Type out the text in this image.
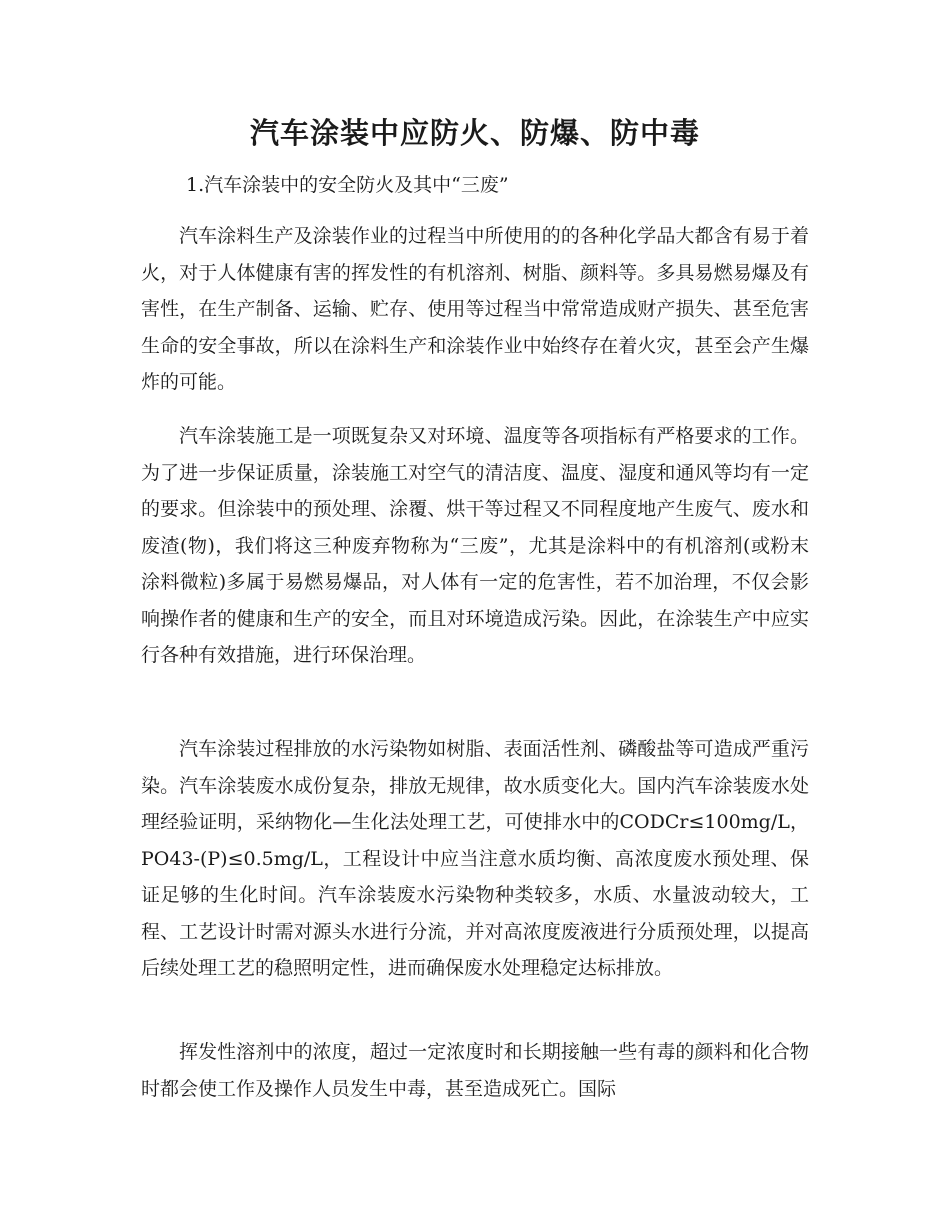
汽车涂装中应防火、防爆、防中毒

1.汽车涂装中的安全防火及其中“三废”

汽车涂料生产及涂装作业的过程当中所使用的的各种化学品大都含有易于着火，对于人体健康有害的挥发性的有机溶剂、树脂、颜料等。多具易燃易爆及有害性，在生产制备、运输、贮存、使用等过程当中常常造成财产损失、甚至危害生命的安全事故，所以在涂料生产和涂装作业中始终存在着火灾，甚至会产生爆炸的可能。

汽车涂装施工是一项既复杂又对环境、温度等各项指标有严格要求的工作。为了进一步保证质量，涂装施工对空气的清洁度、温度、湿度和通风等均有一定的要求。但涂装中的预处理、涂覆、烘干等过程又不同程度地产生废气、废水和废渣(物)，我们将这三种废弃物称为“三废”，尤其是涂料中的有机溶剂(或粉末涂料微粒)多属于易燃易爆品，对人体有一定的危害性，若不加治理，不仅会影响操作者的健康和生产的安全，而且对环境造成污染。因此，在涂装生产中应实行各种有效措施，进行环保治理。

汽车涂装过程排放的水污染物如树脂、表面活性剂、磷酸盐等可造成严重污染。汽车涂装废水成份复杂，排放无规律，故水质变化大。国内汽车涂装废水处理经验证明，采纳物化—生化法处理工艺，可使排水中的CODCr≤100mg/L，PO43-(P)≤0.5mg/L，工程设计中应当注意水质均衡、高浓度废水预处理、保证足够的生化时间。汽车涂装废水污染物种类较多，水质、水量波动较大，工程、工艺设计时需对源头水进行分流，并对高浓度废液进行分质预处理，以提高后续处理工艺的稳照明定性，进而确保废水处理稳定达标排放。

挥发性溶剂中的浓度，超过一定浓度时和长期接触一些有毒的颜料和化合物时都会使工作及操作人员发生中毒，甚至造成死亡。国际
